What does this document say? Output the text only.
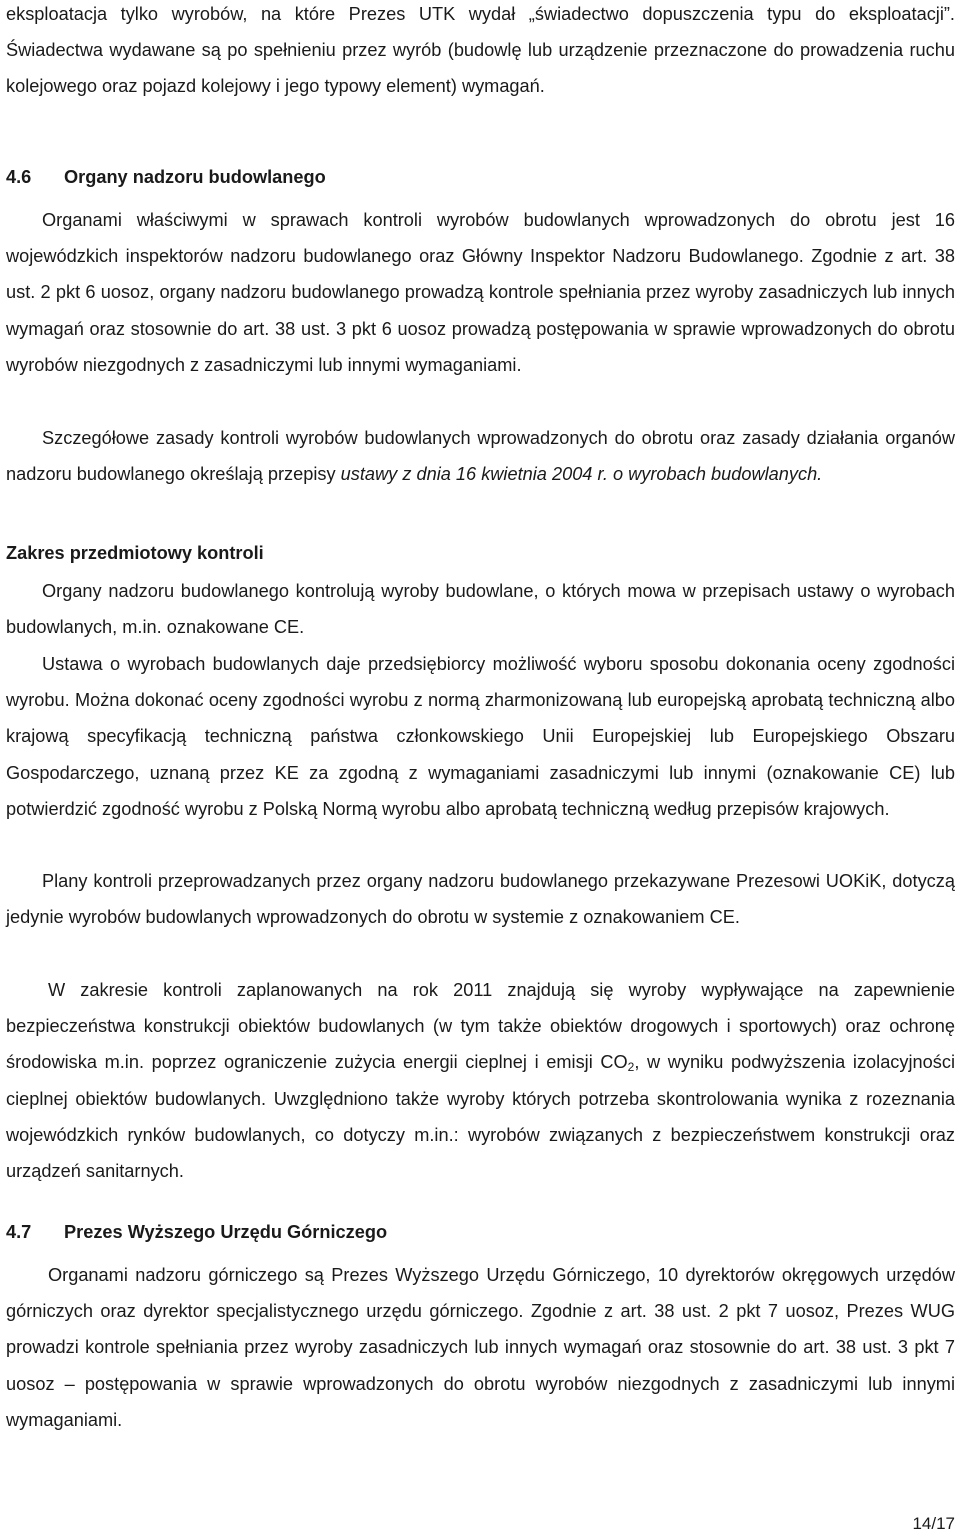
eksploatacja tylko wyrobów, na które Prezes UTK wydał „świadectwo dopuszczenia typu do eksploatacji”. Świadectwa wydawane są po spełnieniu przez wyrób (budowlę lub urządzenie przeznaczone do prowadzenia ruchu kolejowego oraz pojazd kolejowy i jego typowy element) wymagań.

4.6 Organy nadzoru budowlanego

Organami właściwymi w sprawach kontroli wyrobów budowlanych wprowadzonych do obrotu jest 16 wojewódzkich inspektorów nadzoru budowlanego oraz Główny Inspektor Nadzoru Budowlanego. Zgodnie z art. 38 ust. 2 pkt 6 uosoz, organy nadzoru budowlanego prowadzą kontrole spełniania przez wyroby zasadniczych lub innych wymagań oraz stosownie do art. 38 ust. 3 pkt 6 uosoz prowadzą postępowania w sprawie wprowadzonych do obrotu wyrobów niezgodnych z zasadniczymi lub innymi wymaganiami.

Szczegółowe zasady kontroli wyrobów budowlanych wprowadzonych do obrotu oraz zasady działania organów nadzoru budowlanego określają przepisy ustawy z dnia 16 kwietnia 2004 r. o wyrobach budowlanych.

Zakres przedmiotowy kontroli

Organy nadzoru budowlanego kontrolują wyroby budowlane, o których mowa w przepisach ustawy o wyrobach budowlanych, m.in. oznakowane CE.

Ustawa o wyrobach budowlanych daje przedsiębiorcy możliwość wyboru sposobu dokonania oceny zgodności wyrobu. Można dokonać oceny zgodności wyrobu z normą zharmonizowaną lub europejską aprobatą techniczną albo krajową specyfikacją techniczną państwa członkowskiego Unii Europejskiej lub Europejskiego Obszaru Gospodarczego, uznaną przez KE za zgodną z wymaganiami zasadniczymi lub innymi (oznakowanie CE) lub potwierdzić zgodność wyrobu z Polską Normą wyrobu albo aprobatą techniczną według przepisów krajowych.

Plany kontroli przeprowadzanych przez organy nadzoru budowlanego przekazywane Prezesowi UOKiK, dotyczą jedynie wyrobów budowlanych wprowadzonych do obrotu w systemie z oznakowaniem CE.

W zakresie kontroli zaplanowanych na rok 2011 znajdują się wyroby wypływające na zapewnienie bezpieczeństwa konstrukcji obiektów budowlanych (w tym także obiektów drogowych i sportowych) oraz ochronę środowiska m.in. poprzez ograniczenie zużycia energii cieplnej i emisji $CO_2$, w wyniku podwyższenia izolacyjności cieplnej obiektów budowlanych. Uwzględniono także wyroby których potrzeba skontrolowania wynika z rozeznania wojewódzkich rynków budowlanych, co dotyczy m.in.: wyrobów związanych z bezpieczeństwem konstrukcji oraz urządzeń sanitarnych.

4.7 Prezes Wyższego Urzędu Górniczego

Organami nadzoru górniczego są Prezes Wyższego Urzędu Górniczego, 10 dyrektorów okręgowych urzędów górniczych oraz dyrektor specjalistycznego urzędu górniczego. Zgodnie z art. 38 ust. 2 pkt 7 uosoz, Prezes WUG prowadzi kontrole spełniania przez wyroby zasadniczych lub innych wymagań oraz stosownie do art. 38 ust. 3 pkt 7 uosoz – postępowania w sprawie wprowadzonych do obrotu wyrobów niezgodnych z zasadniczymi lub innymi wymaganiami.

14/17
